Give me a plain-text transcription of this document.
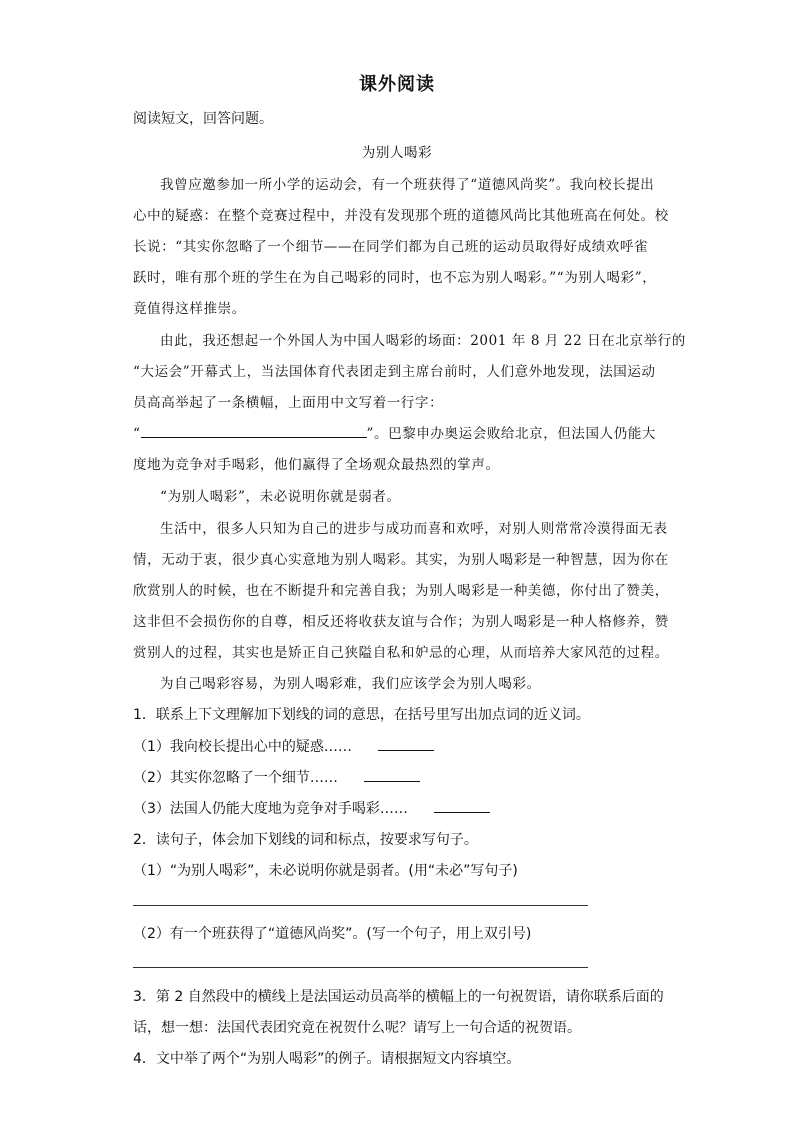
课外阅读
阅读短文，回答问题。
为别人喝彩
我曾应邀参加一所小学的运动会，有一个班获得了“道德风尚奖”。我向校长提出
心中的疑惑：在整个竞赛过程中，并没有发现那个班的道德风尚比其他班高在何处。校
长说：“其实你忽略了一个细节——在同学们都为自己班的运动员取得好成绩欢呼雀
跃时，唯有那个班的学生在为自己喝彩的同时，也不忘为别人喝彩。”“为别人喝彩”，
竟值得这样推崇。
由此，我还想起一个外国人为中国人喝彩的场面：2001 年 8 月 22 日在北京举行的
“大运会”开幕式上，当法国体育代表团走到主席台前时，人们意外地发现，法国运动
员高高举起了一条横幅，上面用中文写着一行字：
“	”。巴黎申办奥运会败给北京，但法国人仍能大
度地为竞争对手喝彩，他们赢得了全场观众最热烈的掌声。
“为别人喝彩”，未必说明你就是弱者。
生活中，很多人只知为自己的进步与成功而喜和欢呼，对别人则常常冷漠得面无表
情，无动于衷，很少真心实意地为别人喝彩。其实，为别人喝彩是一种智慧，因为你在
欣赏别人的时候，也在不断提升和完善自我；为别人喝彩是一种美德，你付出了赞美，
这非但不会损伤你的自尊，相反还将收获友谊与合作；为别人喝彩是一种人格修养，赞
赏别人的过程，其实也是矫正自己狭隘自私和妒忌的心理，从而培养大家风范的过程。
为自己喝彩容易，为别人喝彩难，我们应该学会为别人喝彩。
1．联系上下文理解加下划线的词的意思，在括号里写出加点词的近义词。
（1）我向校长提出心中的疑惑……
（2）其实你忽略了一个细节……
（3）法国人仍能大度地为竞争对手喝彩……
2．读句子，体会加下划线的词和标点，按要求写句子。
（1）“为别人喝彩”，未必说明你就是弱者。(用“未必”写句子)
（2）有一个班获得了“道德风尚奖”。(写一个句子，用上双引号)
3．第 2 自然段中的横线上是法国运动员高举的横幅上的一句祝贺语，请你联系后面的
话，想一想：法国代表团究竟在祝贺什么呢？请写上一句合适的祝贺语。
4．文中举了两个“为别人喝彩”的例子。请根据短文内容填空。
